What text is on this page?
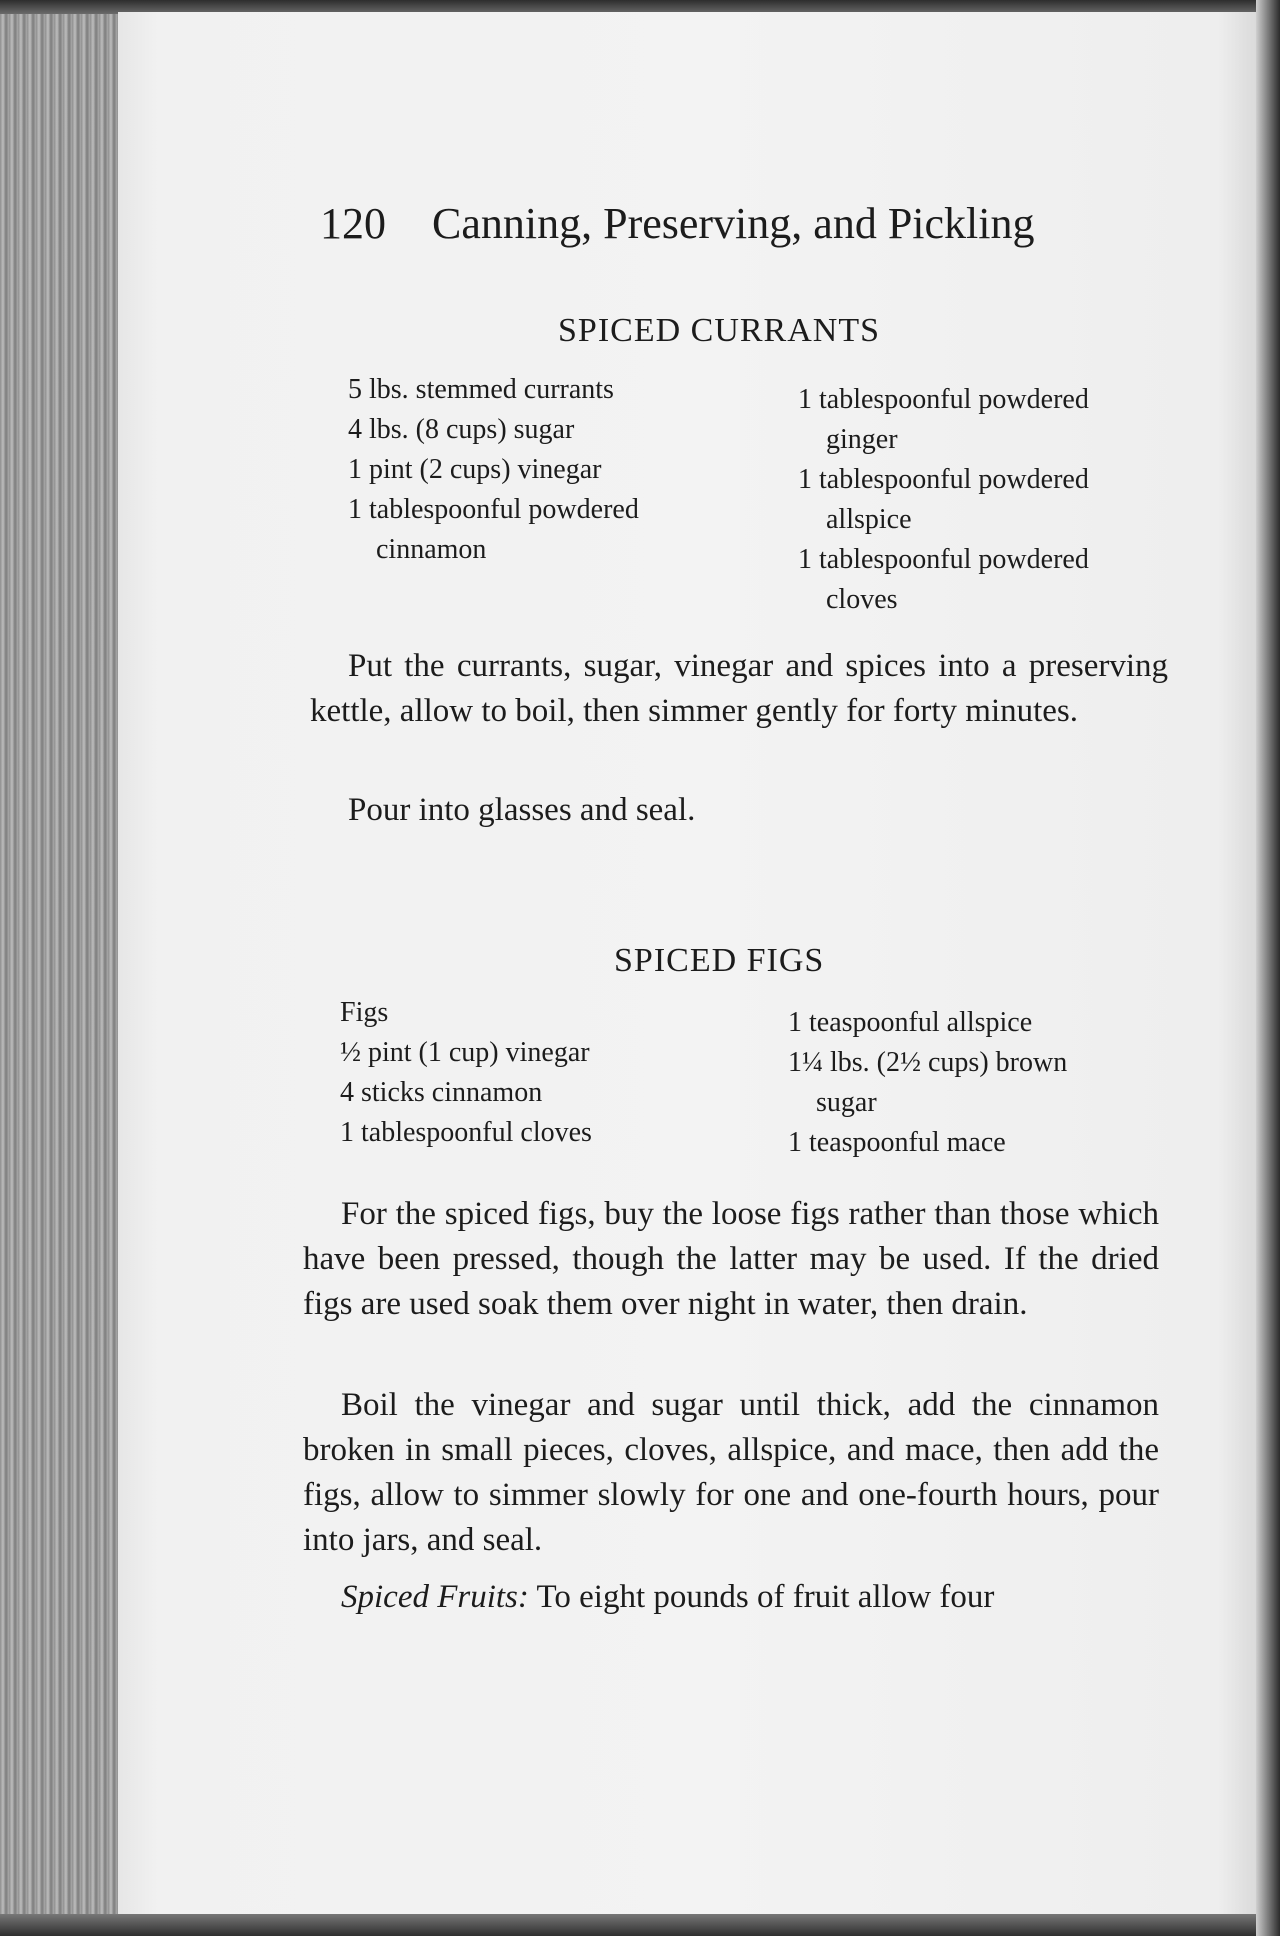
120 Canning, Preserving, and Pickling
SPICED CURRANTS
5 lbs. stemmed currants
4 lbs. (8 cups) sugar
1 pint (2 cups) vinegar
1 tablespoonful powdered
cinnamon
1 tablespoonful powdered
ginger
1 tablespoonful powdered
allspice
1 tablespoonful powdered
cloves

Put the currants, sugar, vinegar and spices into a preserving kettle, allow to boil, then simmer gently for forty minutes.

Pour into glasses and seal.

SPICED FIGS
Figs
½ pint (1 cup) vinegar
4 sticks cinnamon
1 tablespoonful cloves
1 teaspoonful allspice
1¼ lbs. (2½ cups) brown
sugar
1 teaspoonful mace

For the spiced figs, buy the loose figs rather than those which have been pressed, though the latter may be used. If the dried figs are used soak them over night in water, then drain.

Boil the vinegar and sugar until thick, add the cinnamon broken in small pieces, cloves, allspice, and mace, then add the figs, allow to simmer slowly for one and one-fourth hours, pour into jars, and seal.

Spiced Fruits: To eight pounds of fruit allow four
